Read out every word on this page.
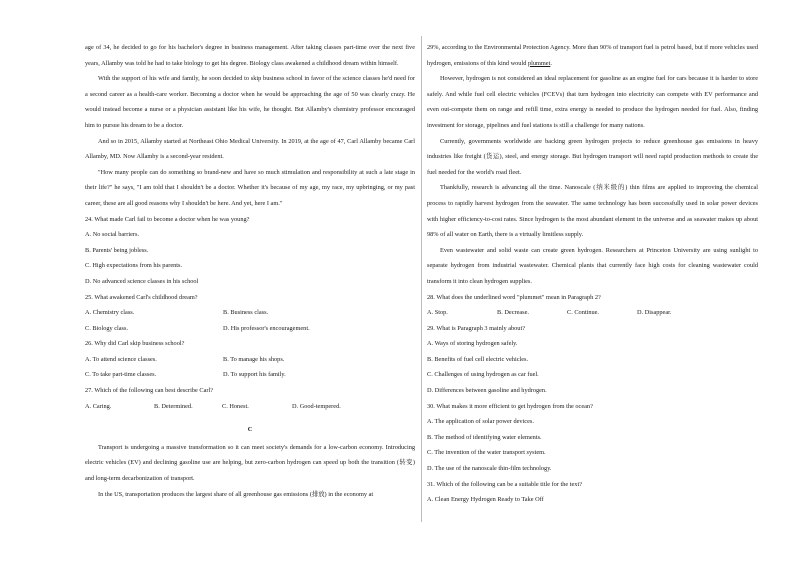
age of 34, he decided to go for his bachelor's degree in business management. After taking classes part-time over the next five years, Allamby was told he had to take biology to get his degree. Biology class awakened a childhood dream within himself.
With the support of his wife and family, he soon decided to skip business school in favor of the science classes he'd need for a second career as a health-care worker. Becoming a doctor when he would be approaching the age of 50 was clearly crazy. He would instead become a nurse or a physician assistant like his wife, he thought. But Allamby's chemistry professor encouraged him to pursue his dream to be a doctor.
And so in 2015, Allamby started at Northeast Ohio Medical University. In 2019, at the age of 47, Carl Allamby became Carl Allamby, MD. Now Allamby is a second-year resident.
"How many people can do something so brand-new and have so much stimulation and responsibility at such a late stage in their life?" he says, "I am told that I shouldn't be a doctor. Whether it's because of my age, my race, my upbringing, or my past career, these are all good reasons why I shouldn't be here. And yet, here I am."
24. What made Carl fail to become a doctor when he was young?
A. No social barriers.
B. Parents' being jobless.
C. High expectations from his parents.
D. No advanced science classes in his school
25. What awakened Carl's childhood dream?
A. Chemistry class.	B. Business class.
C. Biology class.	D. His professor's encouragement.
26. Why did Carl skip business school?
A. To attend science classes.	B. To manage his shops.
C. To take part-time classes.	D. To support his family.
27. Which of the following can best describe Carl?
A. Caring.	B. Determined.	C. Honest.	D. Good-tempered.
C
Transport is undergoing a massive transformation so it can meet society's demands for a low-carbon economy. Introducing electric vehicles (EV) and declining gasoline use are helping, but zero-carbon hydrogen can speed up both the transition (转变) and long-term decarbonization of transport.
In the US, transportation produces the largest share of all greenhouse gas emissions (排放) in the economy at
29%, according to the Environmental Protection Agency. More than 90% of transport fuel is petrol based, but if more vehicles used hydrogen, emissions of this kind would plummet.
However, hydrogen is not considered an ideal replacement for gasoline as an engine fuel for cars because it is harder to store safely. And while fuel cell electric vehicles (FCEVs) that turn hydrogen into electricity can compete with EV performance and even out-compete them on range and refill time, extra energy is needed to produce the hydrogen needed for fuel. Also, finding investment for storage, pipelines and fuel stations is still a challenge for many nations.
Currently, governments worldwide are backing green hydrogen projects to reduce greenhouse gas emissions in heavy industries like freight (货运), steel, and energy storage. But hydrogen transport will need rapid production methods to create the fuel needed for the world's road fleet.
Thankfully, research is advancing all the time. Nanoscale (纳米级的) thin films are applied to improving the chemical process to rapidly harvest hydrogen from the seawater. The same technology has been successfully used in solar power devices with higher efficiency-to-cost rates. Since hydrogen is the most abundant element in the universe and as seawater makes up about 98% of all water on Earth, there is a virtually limitless supply.
Even wastewater and solid waste can create green hydrogen. Researchers at Princeton University are using sunlight to separate hydrogen from industrial wastewater. Chemical plants that currently face high costs for cleaning wastewater could transform it into clean hydrogen supplies.
28. What does the underlined word "plummet" mean in Paragraph 2?
A. Stop.	B. Decrease.	C. Continue.	D. Disappear.
29. What is Paragraph 3 mainly about?
A. Ways of storing hydrogen safely.
B. Benefits of fuel cell electric vehicles.
C. Challenges of using hydrogen as car fuel.
D. Differences between gasoline and hydrogen.
30. What makes it more efficient to get hydrogen from the ocean?
A. The application of solar power devices.
B. The method of identifying water elements.
C. The invention of the water transport system.
D. The use of the nanoscale thin-film technology.
31. Which of the following can be a suitable title for the text?
A. Clean Energy Hydrogen Ready to Take Off
